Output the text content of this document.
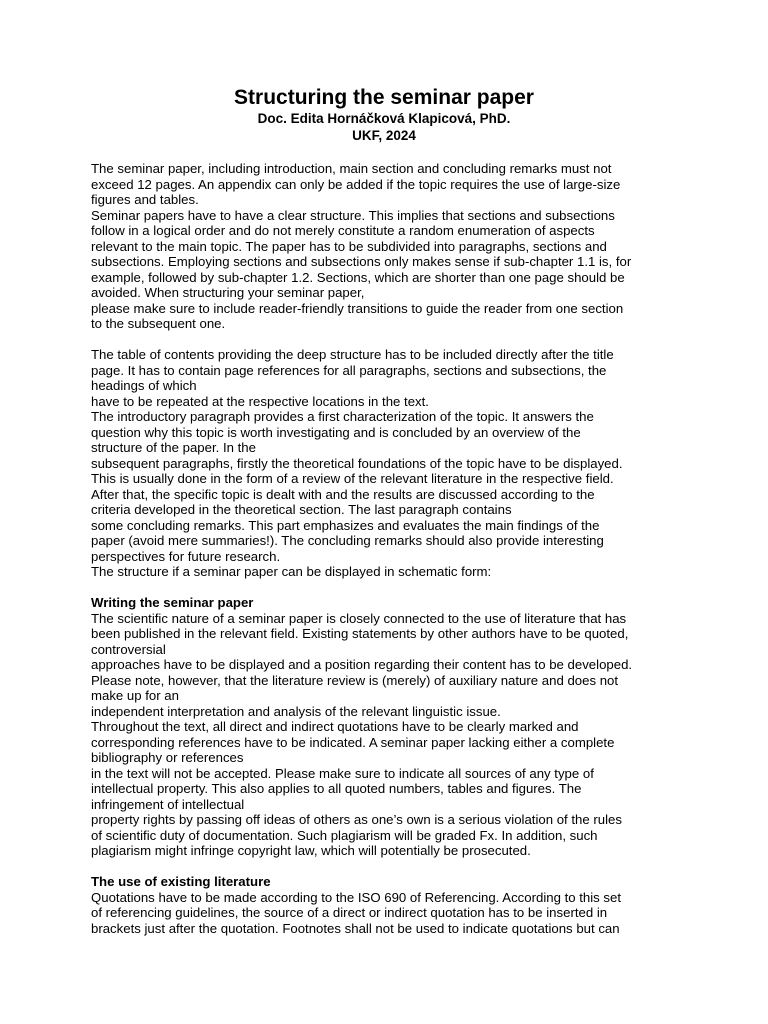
Structuring the seminar paper

Doc. Edita Hornáčková Klapicová, PhD.

UKF, 2024

The seminar paper, including introduction, main section and concluding remarks must not
exceed 12 pages. An appendix can only be added if the topic requires the use of large-size
figures and tables.
Seminar papers have to have a clear structure. This implies that sections and subsections
follow in a logical order and do not merely constitute a random enumeration of aspects
relevant to the main topic. The paper has to be subdivided into paragraphs, sections and
subsections. Employing sections and subsections only makes sense if sub-chapter 1.1 is, for
example, followed by sub-chapter 1.2. Sections, which are shorter than one page should be
avoided. When structuring your seminar paper,
please make sure to include reader-friendly transitions to guide the reader from one section
to the subsequent one.
The table of contents providing the deep structure has to be included directly after the title
page. It has to contain page references for all paragraphs, sections and subsections, the
headings of which
have to be repeated at the respective locations in the text.
The introductory paragraph provides a first characterization of the topic. It answers the
question why this topic is worth investigating and is concluded by an overview of the
structure of the paper. In the
subsequent paragraphs, firstly the theoretical foundations of the topic have to be displayed.
This is usually done in the form of a review of the relevant literature in the respective field.
After that, the specific topic is dealt with and the results are discussed according to the
criteria developed in the theoretical section. The last paragraph contains
some concluding remarks. This part emphasizes and evaluates the main findings of the
paper (avoid mere summaries!). The concluding remarks should also provide interesting
perspectives for future research.
The structure if a seminar paper can be displayed in schematic form:
Writing the seminar paper
The scientific nature of a seminar paper is closely connected to the use of literature that has
been published in the relevant field. Existing statements by other authors have to be quoted,
controversial
approaches have to be displayed and a position regarding their content has to be developed.
Please note, however, that the literature review is (merely) of auxiliary nature and does not
make up for an
independent interpretation and analysis of the relevant linguistic issue.
Throughout the text, all direct and indirect quotations have to be clearly marked and
corresponding references have to be indicated. A seminar paper lacking either a complete
bibliography or references
in the text will not be accepted. Please make sure to indicate all sources of any type of
intellectual property. This also applies to all quoted numbers, tables and figures. The
infringement of intellectual
property rights by passing off ideas of others as one’s own is a serious violation of the rules
of scientific duty of documentation. Such plagiarism will be graded Fx. In addition, such
plagiarism might infringe copyright law, which will potentially be prosecuted.
The use of existing literature
Quotations have to be made according to the ISO 690 of Referencing. According to this set
of referencing guidelines, the source of a direct or indirect quotation has to be inserted in
brackets just after the quotation. Footnotes shall not be used to indicate quotations but can
